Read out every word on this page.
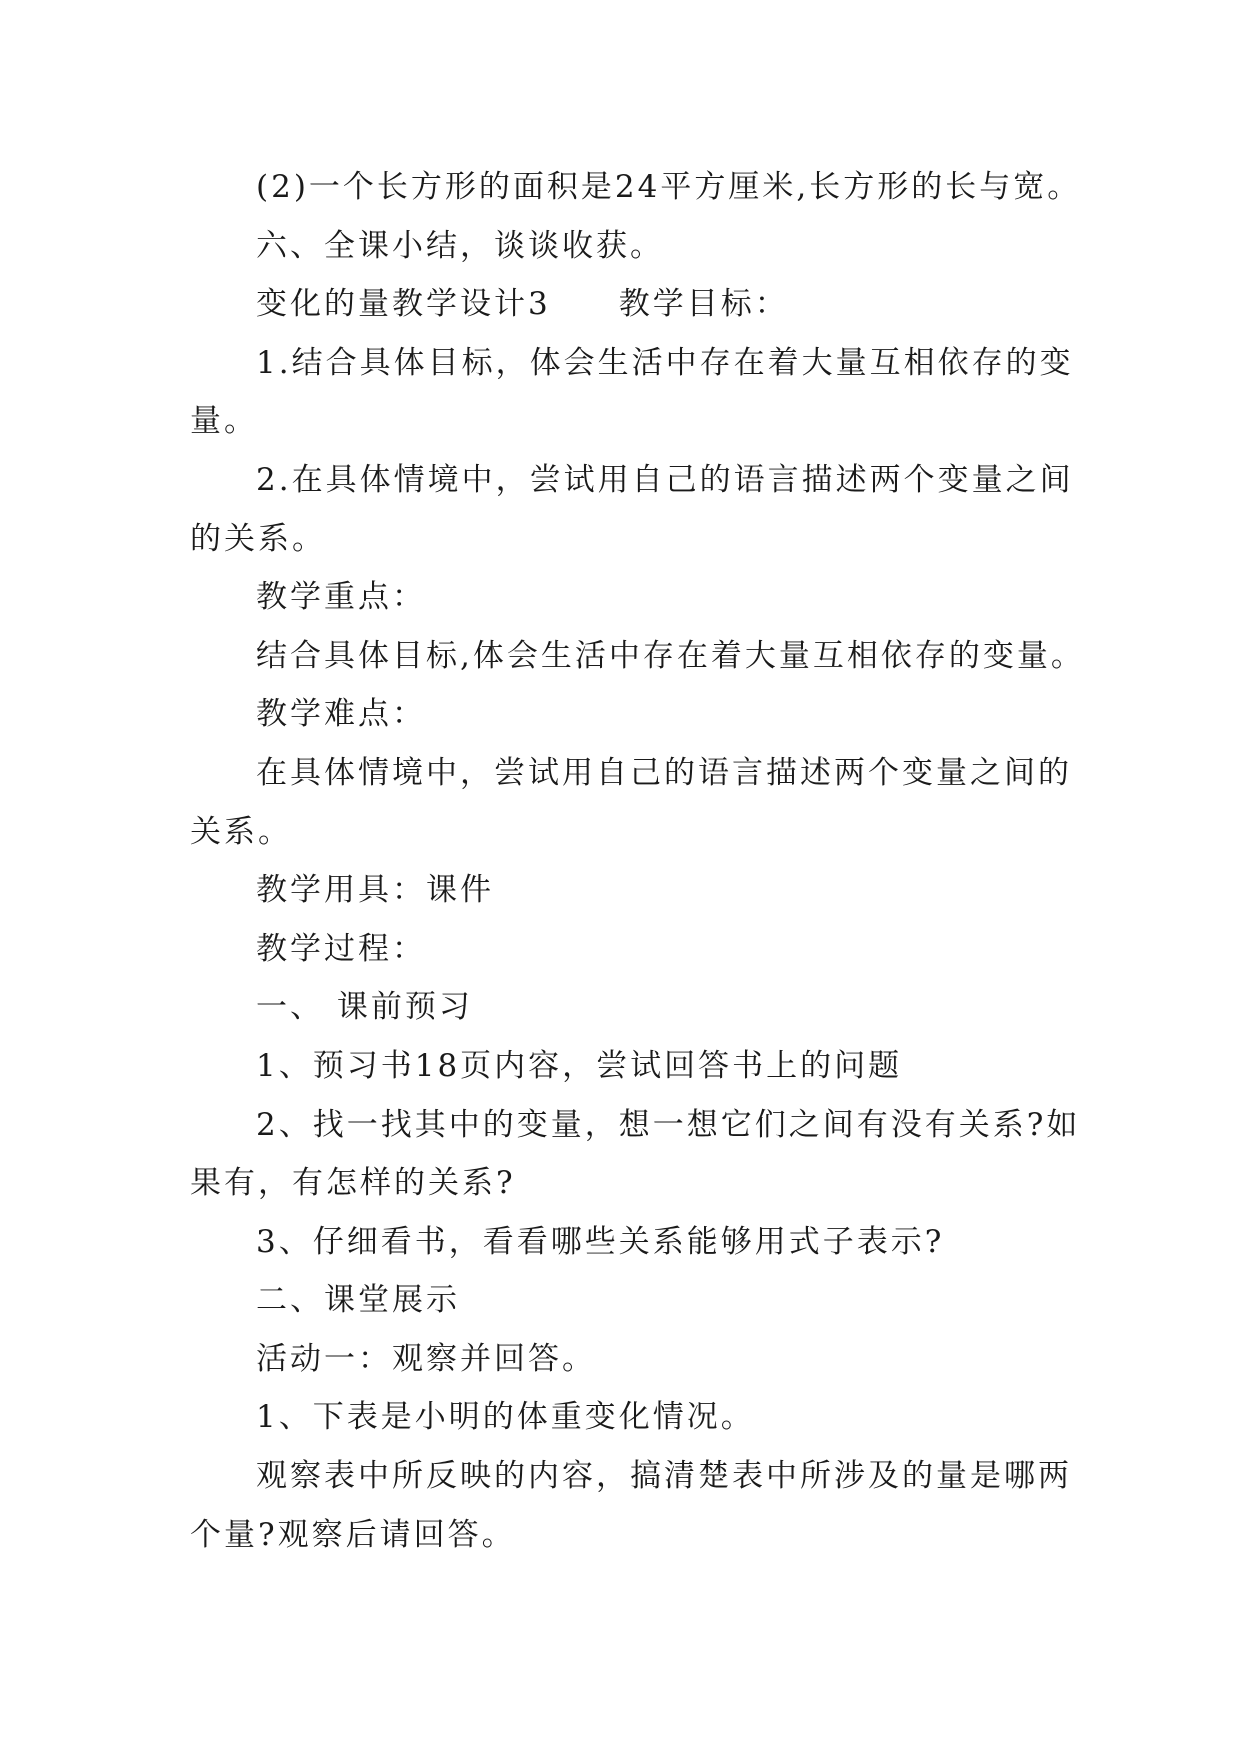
(2)一个长方形的面积是24平方厘米,长方形的长与宽。

六、全课小结，谈谈收获。

变化的量教学设计3　　教学目标：

1.结合具体目标，体会生活中存在着大量互相依存的变

量。

2.在具体情境中，尝试用自己的语言描述两个变量之间

的关系。

教学重点：

结合具体目标,体会生活中存在着大量互相依存的变量。

教学难点：

在具体情境中，尝试用自己的语言描述两个变量之间的

关系。

教学用具：课件

教学过程：

一、 课前预习

1、预习书18页内容，尝试回答书上的问题

2、找一找其中的变量，想一想它们之间有没有关系?如

果有，有怎样的关系?

3、仔细看书，看看哪些关系能够用式子表示?

二、课堂展示

活动一：观察并回答。

1、下表是小明的体重变化情况。

观察表中所反映的内容，搞清楚表中所涉及的量是哪两

个量?观察后请回答。
